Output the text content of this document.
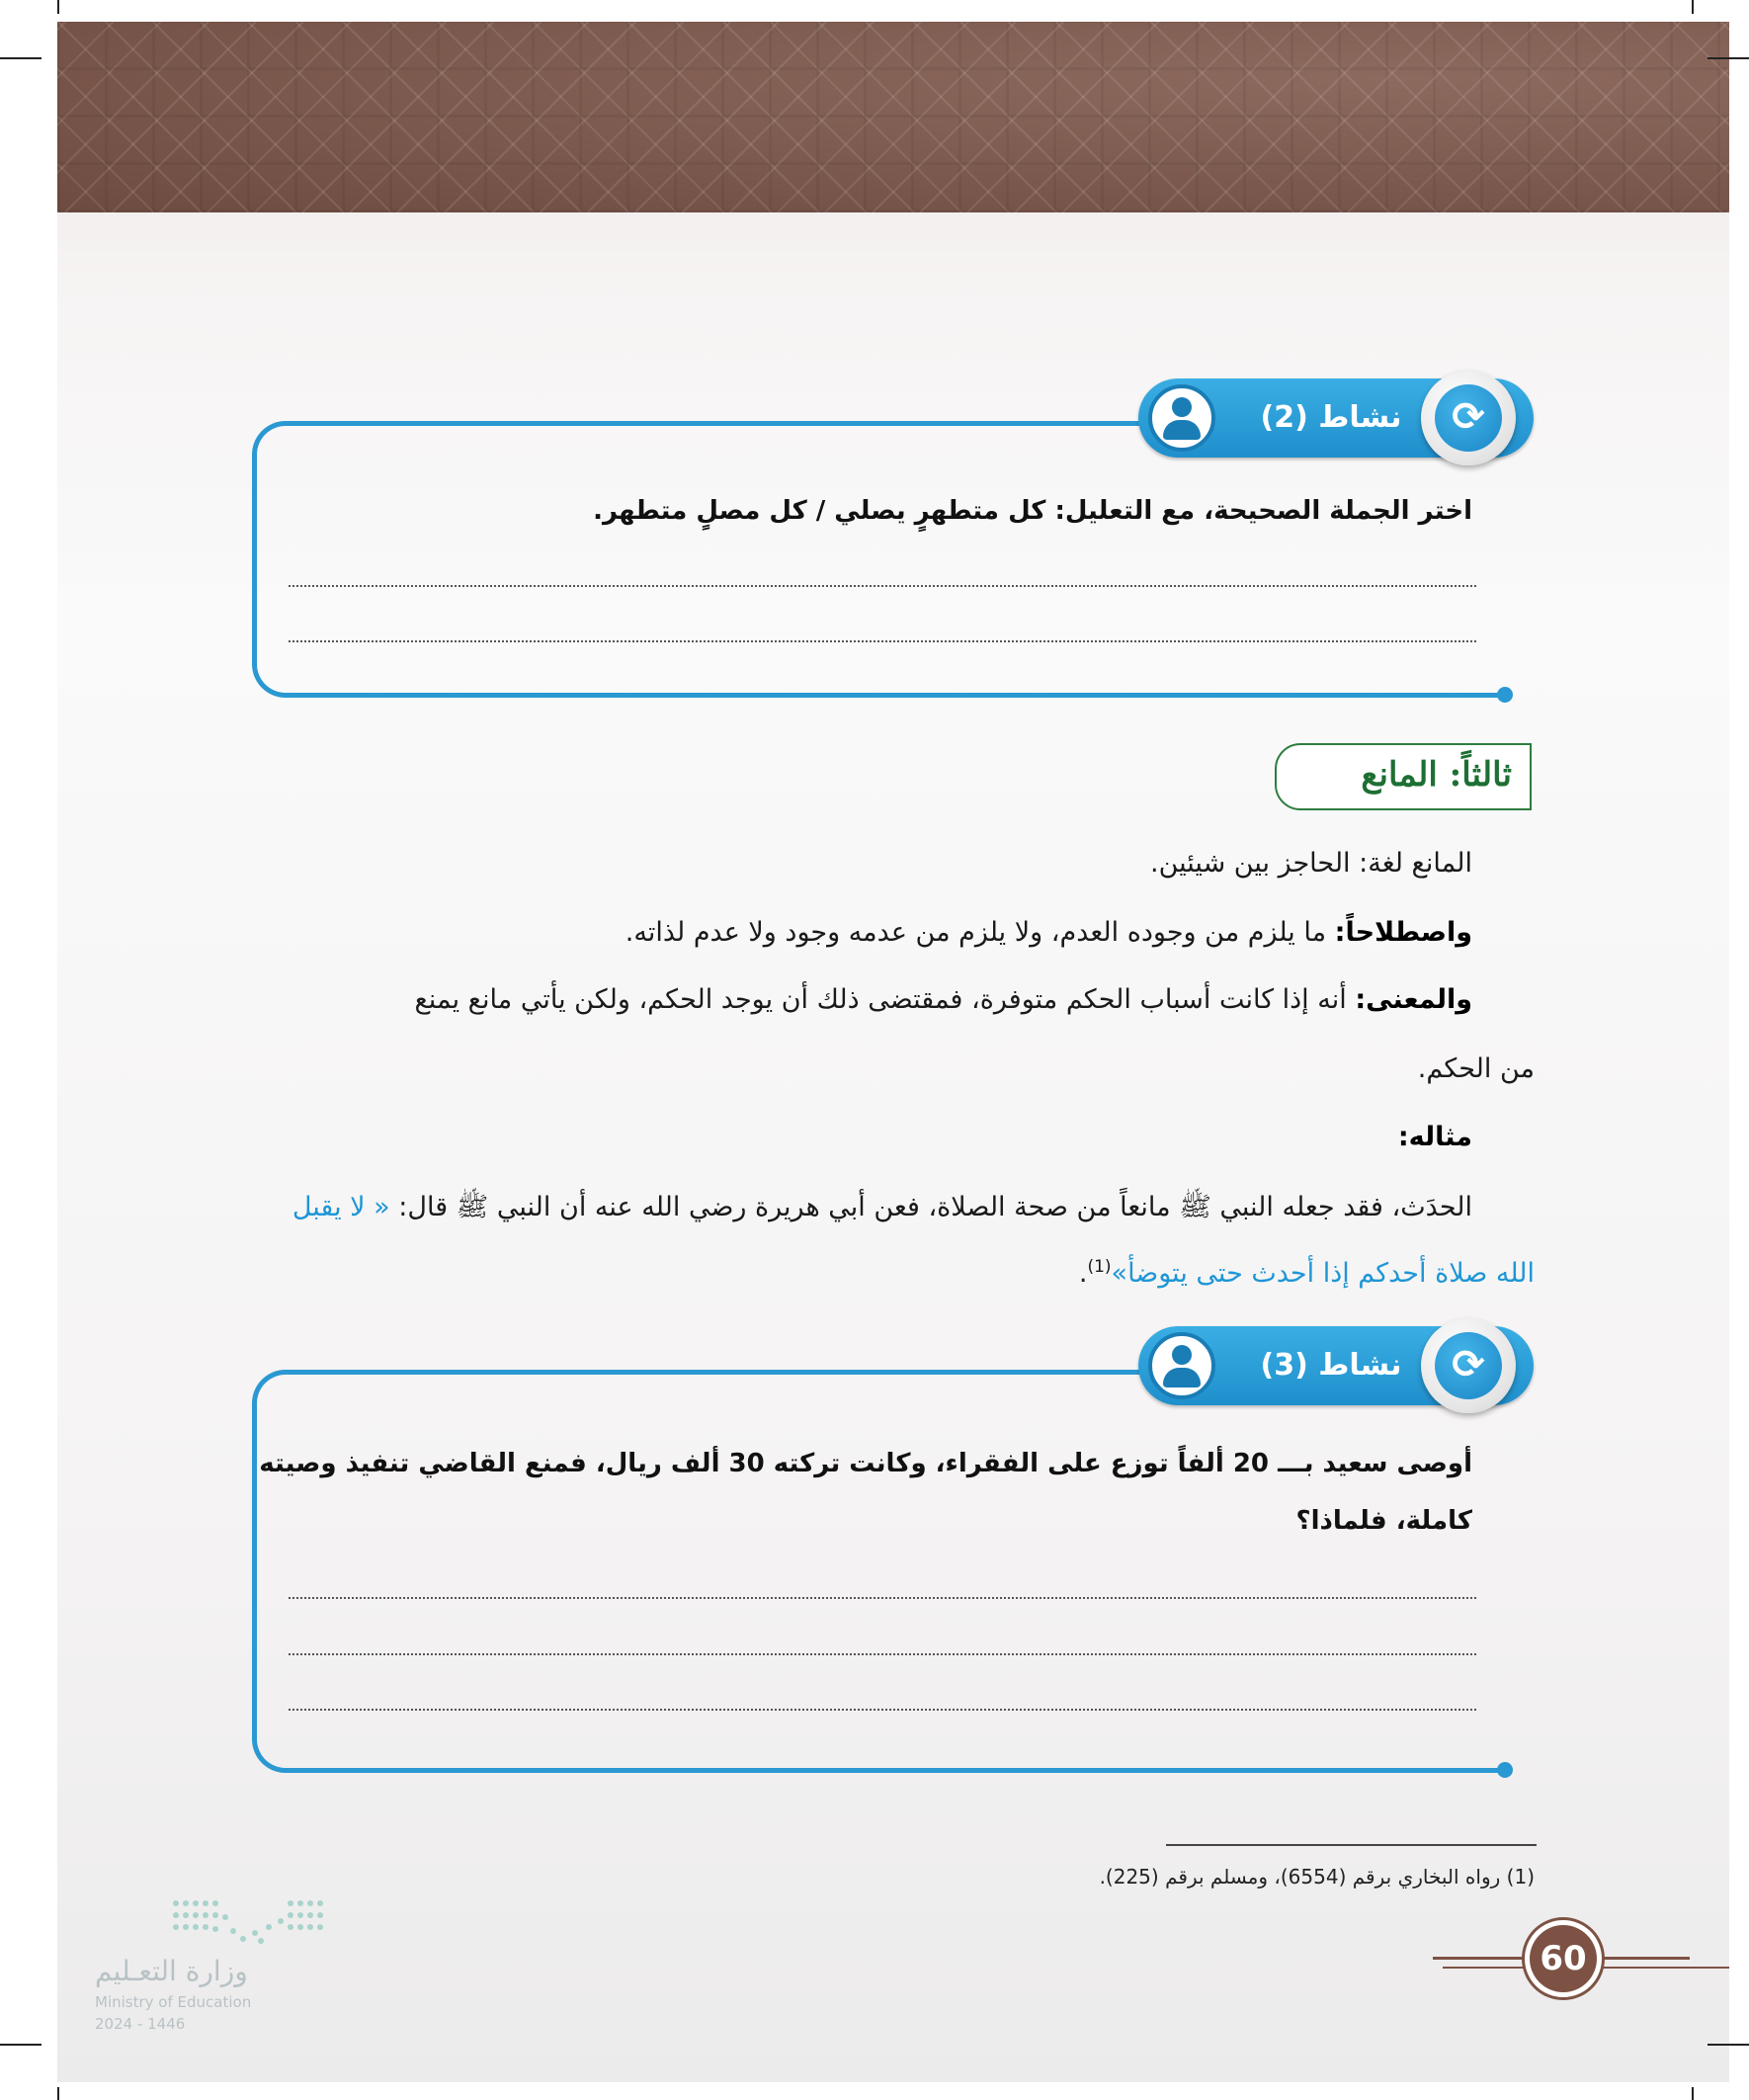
نشاط (2)	⟳
اختر الجملة الصحيحة، مع التعليل: كل متطهرٍ يصلي / كل مصلٍ متطهر.
ثالثاً: المانع
المانع لغة: الحاجز بين شيئين.
واصطلاحاً: ما يلزم من وجوده العدم، ولا يلزم من عدمه وجود ولا عدم لذاته.
والمعنى: أنه إذا كانت أسباب الحكم متوفرة، فمقتضى ذلك أن يوجد الحكم، ولكن يأتي مانع يمنع
من الحكم.
مثاله:
الحدَث، فقد جعله النبي ﷺ مانعاً من صحة الصلاة، فعن أبي هريرة رضي الله عنه أن النبي ﷺ قال: « لا يقبل
الله صلاة أحدكم إذا أحدث حتى يتوضأ»$^{(1)}$.
نشاط (3)	⟳
أوصى سعيد بـــ 20 ألفاً توزع على الفقراء، وكانت تركته 30 ألف ريال، فمنع القاضي تنفيذ وصيته
كاملة، فلماذا؟
(1) رواه البخاري برقم (6554)، ومسلم برقم (225).
60
وزارة التعـليم
Ministry of Education
2024 - 1446
